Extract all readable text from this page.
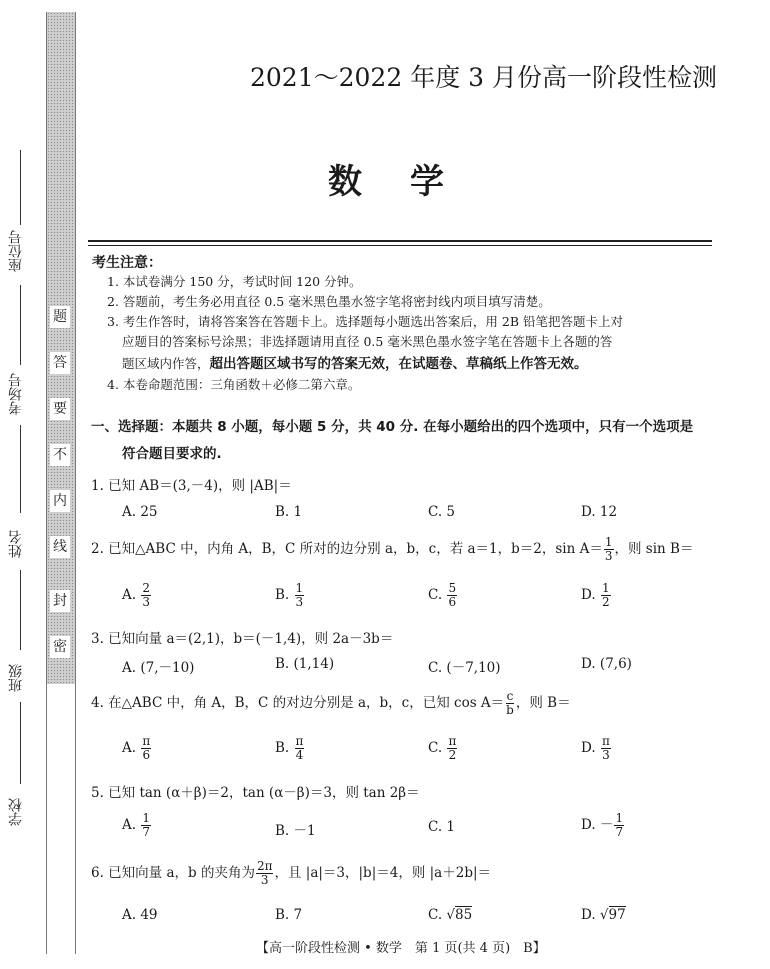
题
答
要
不
内
线
封
密
座位号
考场号
姓名
班级
学校
2021～2022 年度 3 月份高一阶段性检测
数学
考生注意：
1. 本试卷满分 150 分，考试时间 120 分钟。
2. 答题前，考生务必用直径 0.5 毫米黑色墨水签字笔将密封线内项目填写清楚。
3. 考生作答时，请将答案答在答题卡上。选择题每小题选出答案后，用 2B 铅笔把答题卡上对
应题目的答案标号涂黑；非选择题请用直径 0.5 毫米黑色墨水签字笔在答题卡上各题的答
题区域内作答，超出答题区域书写的答案无效，在试题卷、草稿纸上作答无效。
4. 本卷命题范围：三角函数＋必修二第六章。
一、选择题：本题共 8 小题，每小题 5 分，共 40 分. 在每小题给出的四个选项中，只有一个选项是
符合题目要求的.
1. 已知 AB＝(3,－4)，则 |AB|＝
A. 25	B. 1	C. 5	D. 12
2. 已知△ABC 中，内角 A，B，C 所对的边分别 a，b，c，若 a＝1，b＝2，$\sin A= \frac{1}{3}$ ，则 sin B＝
A. $\frac{2}{3}$	B. $\frac{1}{3}$	C. $\frac{5}{6}$	D. $\frac{1}{2}$
3. 已知向量 a＝(2,1)，b＝(－1,4)，则 2a－3b＝
A. (7,－10)	B. (1,14)	C. (－7,10)	D. (7,6)
4. 在△ABC 中，角 A，B，C 的对边分别是 a，b，c，已知 $\cos A= \frac{c}{b}$ ，则 B＝
A. $\frac{\pi}{6}$	B. $\frac{\pi}{4}$	C. $\frac{\pi}{2}$	D. $\frac{\pi}{3}$
5. 已知 tan (α＋β)＝2，tan (α－β)＝3，则 tan 2β＝
A. $\frac{1}{7}$	B. －1	C. 1	D. － $\frac{1}{7}$
6. 已知向量 a，b 的夹角为 $\frac{2\pi}{3}$ ，且 |a|＝3，|b|＝4，则 |a＋2b|＝
A. 49	B. 7	C. √85	D. √97
【高一阶段性检测 • 数学　第 1 页(共 4 页)　B】
